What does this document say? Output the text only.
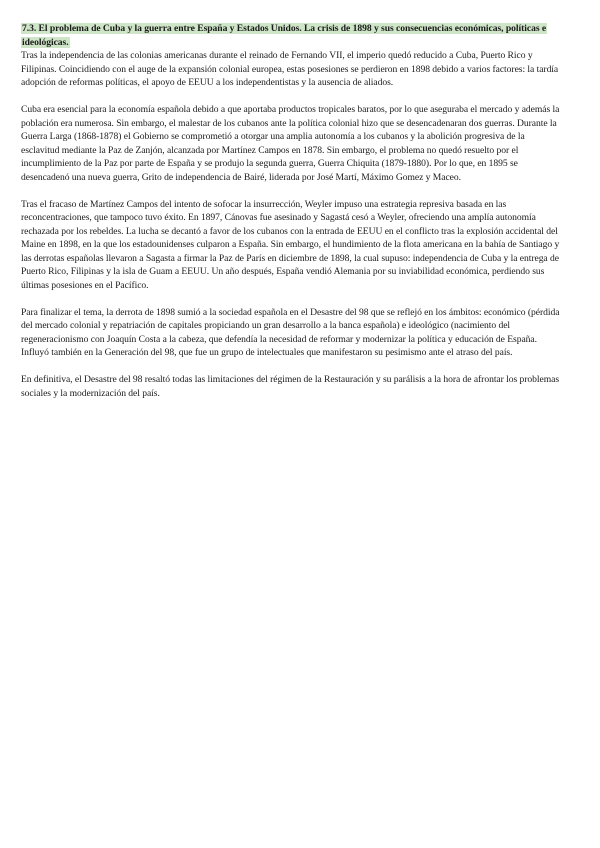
7.3. El problema de Cuba y la guerra entre España y Estados Unidos. La crisis de 1898 y sus consecuencias económicas, políticas e ideológicas.

Tras la independencia de las colonias americanas durante el reinado de Fernando VII, el imperio quedó reducido a Cuba, Puerto Rico y Filipinas. Coincidiendo con el auge de la expansión colonial europea, estas posesiones se perdieron en 1898 debido a varios factores: la tardía adopción de reformas políticas, el apoyo de EEUU a los independentistas y la ausencia de aliados.

Cuba era esencial para la economía española debido a que aportaba productos tropicales baratos, por lo que aseguraba el mercado y además la población era numerosa. Sin embargo, el malestar de los cubanos ante la política colonial hizo que se desencadenaran dos guerras. Durante la Guerra Larga (1868-1878) el Gobierno se comprometió a otorgar una amplia autonomía a los cubanos y la abolición progresiva de la esclavitud mediante la Paz de Zanjón, alcanzada por Martínez Campos en 1878. Sin embargo, el problema no quedó resuelto por el incumplimiento de la Paz por parte de España y se produjo la segunda guerra, Guerra Chiquita (1879-1880). Por lo que, en 1895 se desencadenó una nueva guerra, Grito de independencia de Bairé, liderada por José Martí, Máximo Gomez y Maceo.

Tras el fracaso de Martínez Campos del intento de sofocar la insurrección, Weyler impuso una estrategia represiva basada en las reconcentraciones, que tampoco tuvo éxito. En 1897, Cánovas fue asesinado y Sagastá cesó a Weyler, ofreciendo una amplía autonomía rechazada por los rebeldes. La lucha se decantó a favor de los cubanos con la entrada de EEUU en el conflicto tras la explosión accidental del Maine en 1898, en la que los estadounidenses culparon a España. Sin embargo, el hundimiento de la flota americana en la bahía de Santiago y las derrotas españolas llevaron a Sagasta a firmar la Paz de París en diciembre de 1898, la cual supuso: independencia de Cuba y la entrega de Puerto Rico, Filipinas y la isla de Guam a EEUU. Un año después, España vendió Alemania por su inviabilidad económica, perdiendo sus últimas posesiones en el Pacífico.

Para finalizar el tema, la derrota de 1898 sumió a la sociedad española en el Desastre del 98 que se reflejó en los ámbitos: económico (pérdida del mercado colonial y repatriación de capitales propiciando un gran desarrollo a la banca española) e ideológico (nacimiento del regeneracionismo con Joaquín Costa a la cabeza, que defendía la necesidad de reformar y modernizar la política y educación de España. Influyó también en la Generación del 98, que fue un grupo de intelectuales que manifestaron su pesimismo ante el atraso del país.

En definitiva, el Desastre del 98 resaltó todas las limitaciones del régimen de la Restauración y su parálisis a la hora de afrontar los problemas sociales y la modernización del país.
